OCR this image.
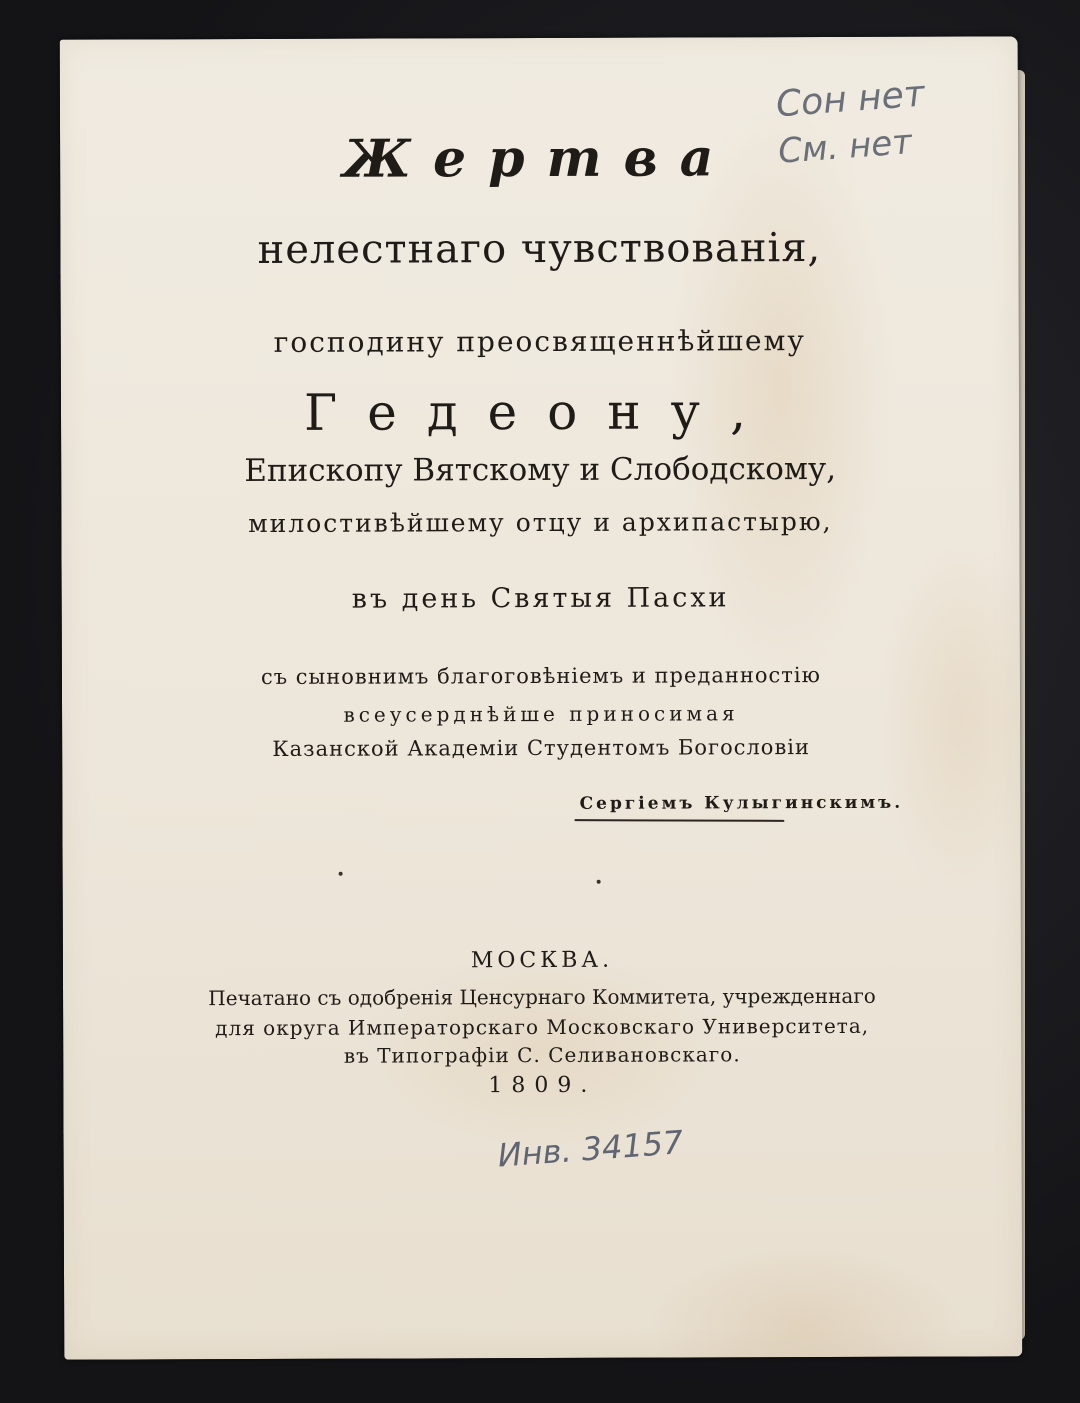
Жертва
нелестнаго чувствованія,
господину преосвященнѣйшему
Гедеону,
Епископу Вятскому и Слободскому,
милостивѣйшему отцу и архипастырю,
въ день Святыя Пасхи
съ сыновнимъ благоговѣніемъ и преданностію
всеусерднѣйше приносимая
Казанской Академіи Студентомъ Богословіи
Сергіемъ Кулыгинскимъ.
МОСКВА.
Печатано съ одобренія Ценсурнаго Коммитета, учрежденнаго
для округа Императорскаго Московскаго Университета,
въ Типографіи С. Селивановскаго.
1809.
Сон нет
См. нет
Инв. 34157
